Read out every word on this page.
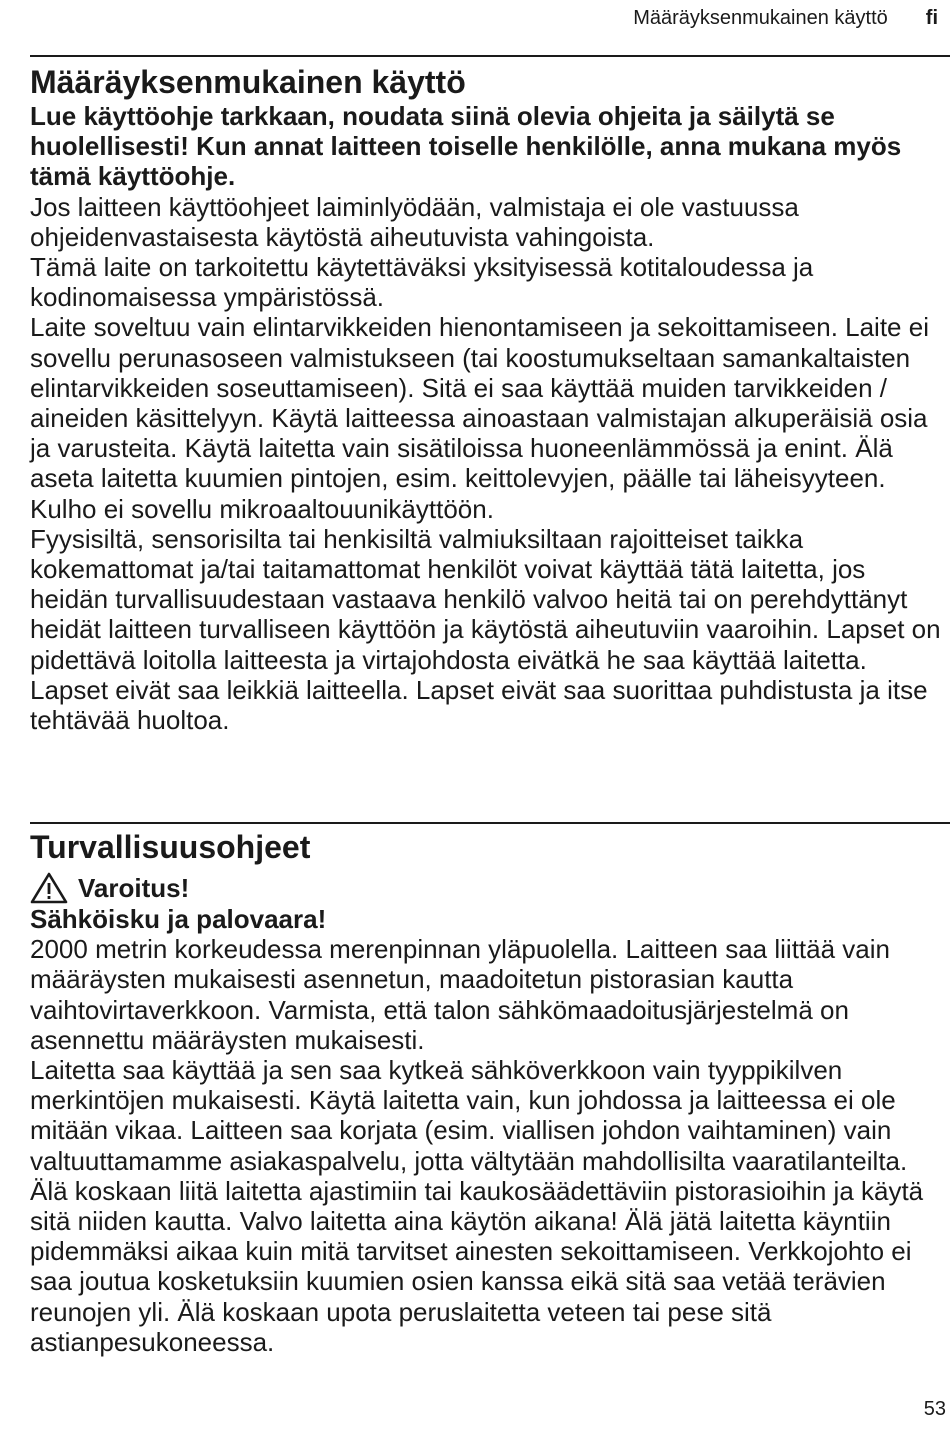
Määräyksenmukainen käyttö fi
Määräyksenmukainen käyttö

Lue käyttöohje tarkkaan, noudata siinä olevia ohjeita ja säilytä se huolellisesti! Kun annat laitteen toiselle henkilölle, anna mukana myös tämä käyttöohje.

Jos laitteen käyttöohjeet laiminlyödään, valmistaja ei ole vastuussa ohjeidenvastaisesta käytöstä aiheutuvista vahingoista.

Tämä laite on tarkoitettu käytettäväksi yksityisessä kotitaloudessa ja kodinomaisessa ympäristössä.

Laite soveltuu vain elintarvikkeiden hienontamiseen ja sekoittamiseen. Laite ei sovellu perunasoseen valmistukseen (tai koostumukseltaan samankaltaisten elintarvikkeiden soseuttamiseen). Sitä ei saa käyttää muiden tarvikkeiden / aineiden käsittelyyn. Käytä laitteessa ainoastaan valmistajan alkuperäisiä osia ja varusteita. Käytä laitetta vain sisätiloissa huoneenlämmössä ja enint. Älä aseta laitetta kuumien pintojen, esim. keittolevyjen, päälle tai läheisyyteen. Kulho ei sovellu mikroaaltouunikäyttöön.

Fyysisiltä, sensorisilta tai henkisiltä valmiuksiltaan rajoitteiset taikka kokemattomat ja/tai taitamattomat henkilöt voivat käyttää tätä laitetta, jos heidän turvallisuudestaan vastaava henkilö valvoo heitä tai on perehdyttänyt heidät laitteen turvalliseen käyttöön ja käytöstä aiheutuviin vaaroihin. Lapset on pidettävä loitolla laitteesta ja virtajohdosta eivätkä he saa käyttää laitetta. Lapset eivät saa leikkiä laitteella. Lapset eivät saa suorittaa puhdistusta ja itse tehtävää huoltoa.

Turvallisuusohjeet
Varoitus!

Sähköisku ja palovaara!

2000 metrin korkeudessa merenpinnan yläpuolella. Laitteen saa liittää vain määräysten mukaisesti asennetun, maadoitetun pistorasian kautta vaihtovirtaverkkoon. Varmista, että talon sähkömaadoitusjärjestelmä on asennettu määräysten mukaisesti.

Laitetta saa käyttää ja sen saa kytkeä sähköverkkoon vain tyyppikilven merkintöjen mukaisesti. Käytä laitetta vain, kun johdossa ja laitteessa ei ole mitään vikaa. Laitteen saa korjata (esim. viallisen johdon vaihtaminen) vain valtuuttamamme asiakaspalvelu, jotta vältytään mahdollisilta vaaratilanteilta. Älä koskaan liitä laitetta ajastimiin tai kaukosäädettäviin pistorasioihin ja käytä sitä niiden kautta. Valvo laitetta aina käytön aikana! Älä jätä laitetta käyntiin pidemmäksi aikaa kuin mitä tarvitset ainesten sekoittamiseen. Verkkojohto ei saa joutua kosketuksiin kuumien osien kanssa eikä sitä saa vetää terävien reunojen yli. Älä koskaan upota peruslaitetta veteen tai pese sitä astianpesukoneessa.

53
